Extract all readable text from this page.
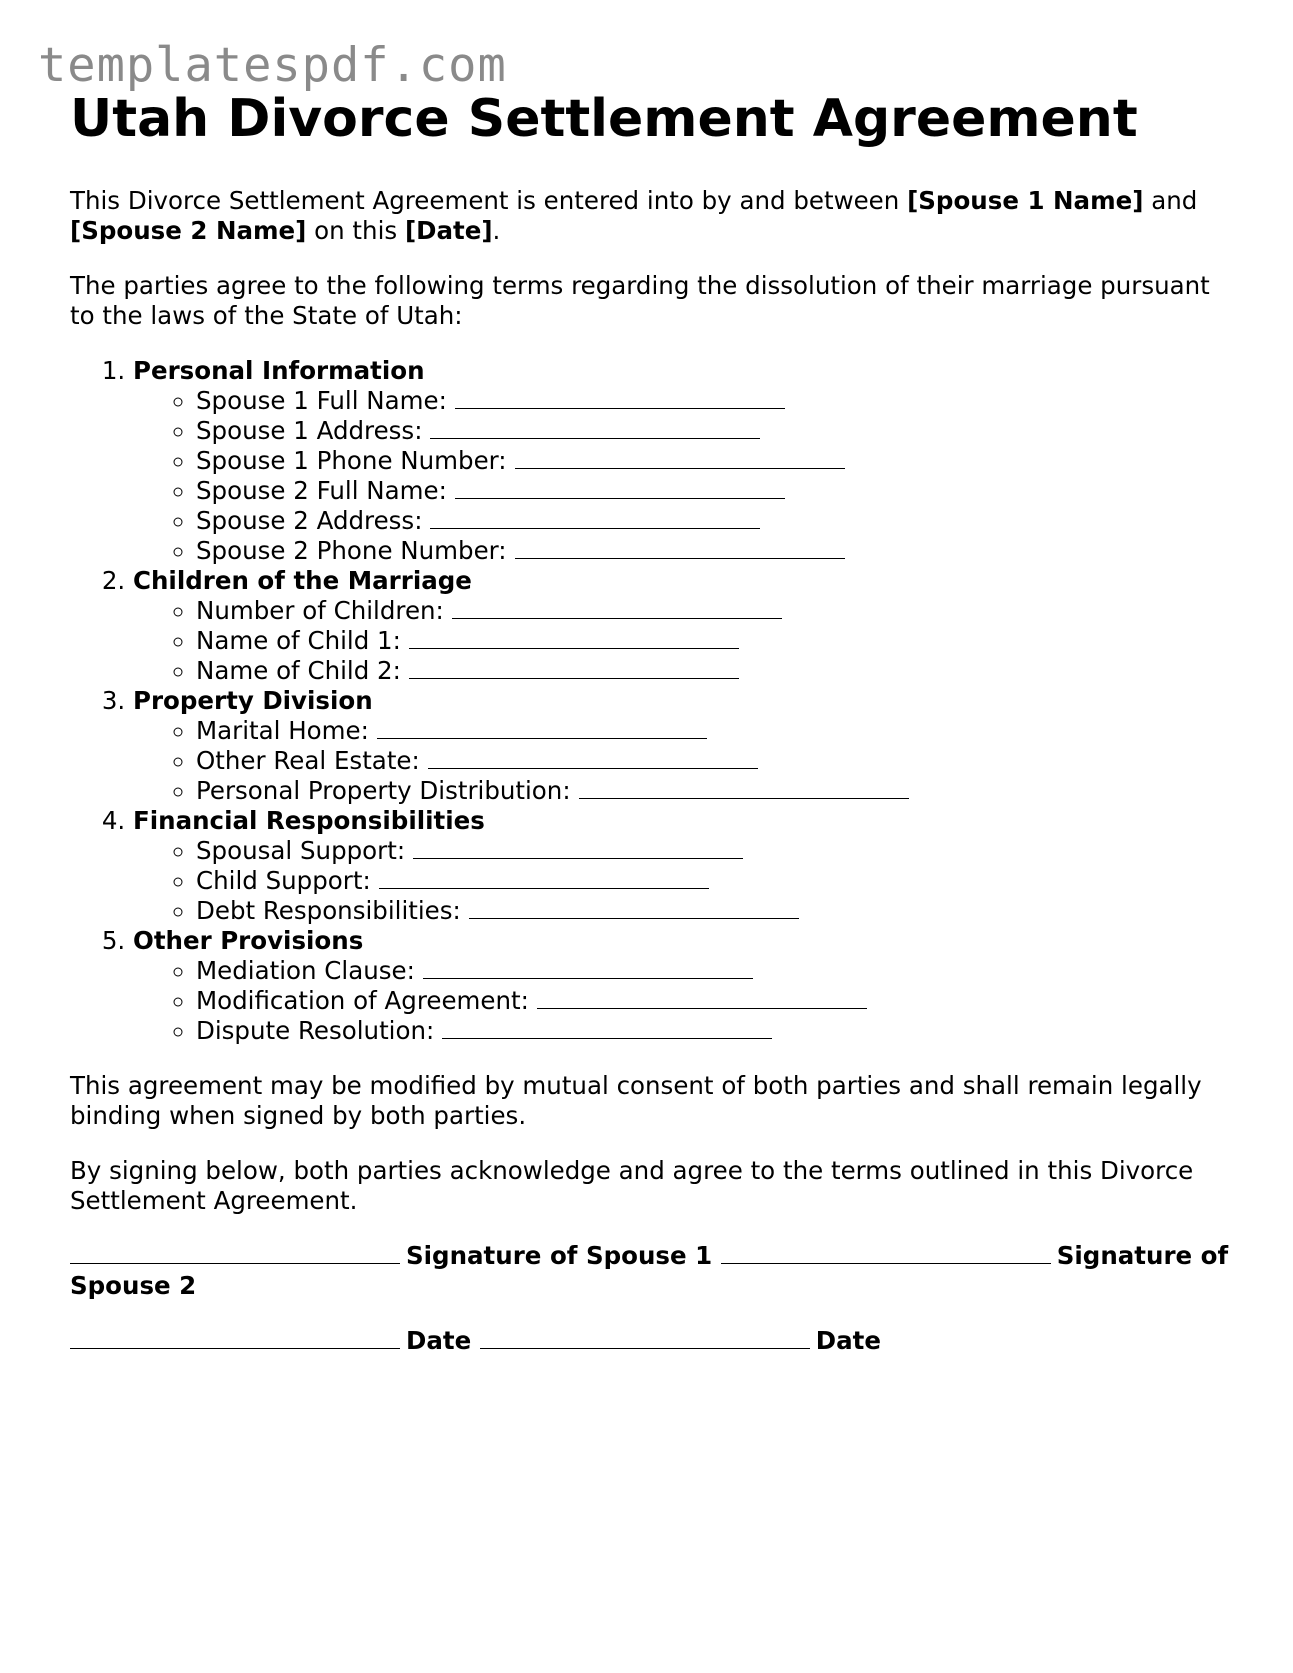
templatespdf.com
Utah Divorce Settlement Agreement

This Divorce Settlement Agreement is entered into by and between [Spouse 1 Name] and [Spouse 2 Name] on this [Date].

The parties agree to the following terms regarding the dissolution of their marriage pursuant to the laws of the State of Utah:

1. Personal Information
◦ Spouse 1 Full Name:
◦ Spouse 1 Address:
◦ Spouse 1 Phone Number:
◦ Spouse 2 Full Name:
◦ Spouse 2 Address:
◦ Spouse 2 Phone Number:
2. Children of the Marriage
◦ Number of Children:
◦ Name of Child 1:
◦ Name of Child 2:
3. Property Division
◦ Marital Home:
◦ Other Real Estate:
◦ Personal Property Distribution:
4. Financial Responsibilities
◦ Spousal Support:
◦ Child Support:
◦ Debt Responsibilities:
5. Other Provisions
◦ Mediation Clause:
◦ Modification of Agreement:
◦ Dispute Resolution:

This agreement may be modified by mutual consent of both parties and shall remain legally binding when signed by both parties.

By signing below, both parties acknowledge and agree to the terms outlined in this Divorce Settlement Agreement.

Signature of Spouse 1	Signature of Spouse 2
Date	Date
